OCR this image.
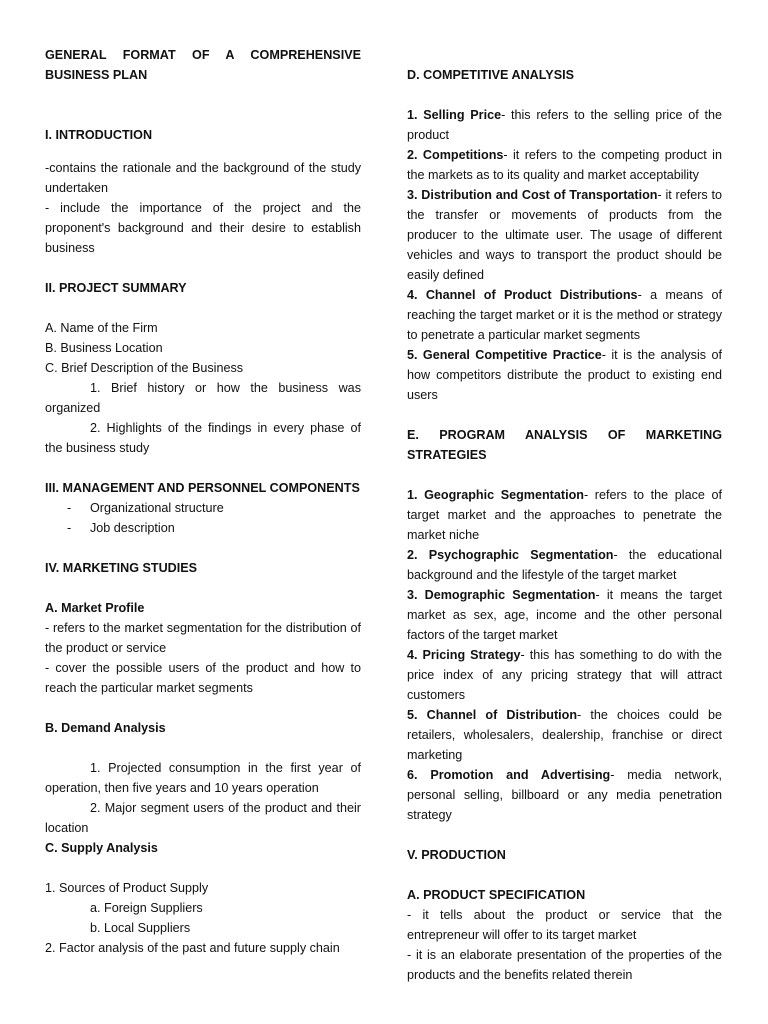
GENERAL FORMAT OF A COMPREHENSIVE BUSINESS PLAN

I. INTRODUCTION

-contains the rationale and the background of the study undertaken

- include the importance of the project and the proponent's background and their desire to establish business

II. PROJECT SUMMARY

A. Name of the Firm

B. Business Location

C. Brief Description of the Business

1. Brief history or how the business was organized

2. Highlights of the findings in every phase of the business study

III. MANAGEMENT AND PERSONNEL COMPONENTS

-	Organizational structure
-	Job description

IV. MARKETING STUDIES

A. Market Profile

- refers to the market segmentation for the distribution of the product or service

- cover the possible users of the product and how to reach the particular market segments

B. Demand Analysis

1. Projected consumption in the first year of operation, then five years and 10 years operation

2. Major segment users of the product and their location

C. Supply Analysis

1. Sources of Product Supply

a. Foreign Suppliers

b. Local Suppliers

2. Factor analysis of the past and future supply chain

D. COMPETITIVE ANALYSIS

1. Selling Price- this refers to the selling price of the product

2. Competitions- it refers to the competing product in the markets as to its quality and market acceptability

3. Distribution and Cost of Transportation- it refers to the transfer or movements of products from the producer to the ultimate user. The usage of different vehicles and ways to transport the product should be easily defined

4. Channel of Product Distributions- a means of reaching the target market or it is the method or strategy to penetrate a particular market segments

5. General Competitive Practice- it is the analysis of how competitors distribute the product to existing end users

E. PROGRAM ANALYSIS OF MARKETING STRATEGIES

1. Geographic Segmentation- refers to the place of target market and the approaches to penetrate the market niche

2. Psychographic Segmentation- the educational background and the lifestyle of the target market

3. Demographic Segmentation- it means the target market as sex, age, income and the other personal factors of the target market

4. Pricing Strategy- this has something to do with the price index of any pricing strategy that will attract customers

5. Channel of Distribution- the choices could be retailers, wholesalers, dealership, franchise or direct marketing

6. Promotion and Advertising- media network, personal selling, billboard or any media penetration strategy

V. PRODUCTION

A. PRODUCT SPECIFICATION

- it tells about the product or service that the entrepreneur will offer to its target market

- it is an elaborate presentation of the properties of the products and the benefits related therein
